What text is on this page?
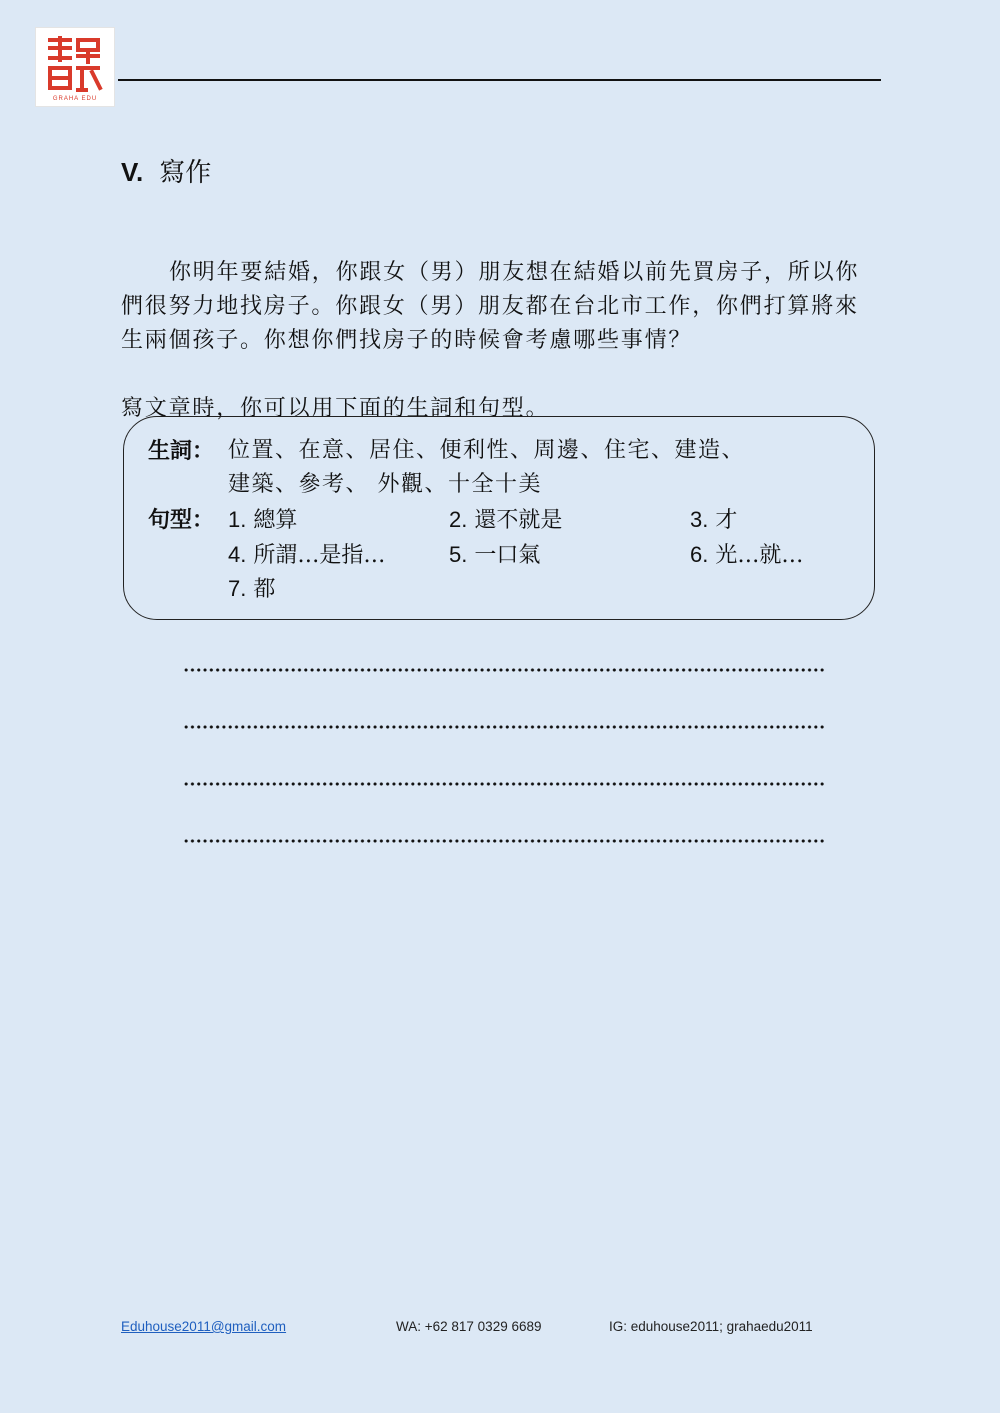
GRAHA EDU
V. 寫作

你明年要結婚，你跟女（男）朋友想在結婚以前先買房子，所以你們很努力地找房子。你跟女（男）朋友都在台北市工作，你們打算將來生兩個孩子。你想你們找房子的時候會考慮哪些事情？

寫文章時，你可以用下面的生詞和句型。

生詞： 位置、在意、居住、便利性、周邊、住宅、建造、
建築、參考、 外觀、十全十美
句型： 1. 總算	2. 還不就是	3. 才
4. 所謂…是指…	5. 一口氣	6. 光…就…
7. 都
Eduhouse2011@gmail.com	WA: +62 817 0329 6689	IG: eduhouse2011; grahaedu2011
